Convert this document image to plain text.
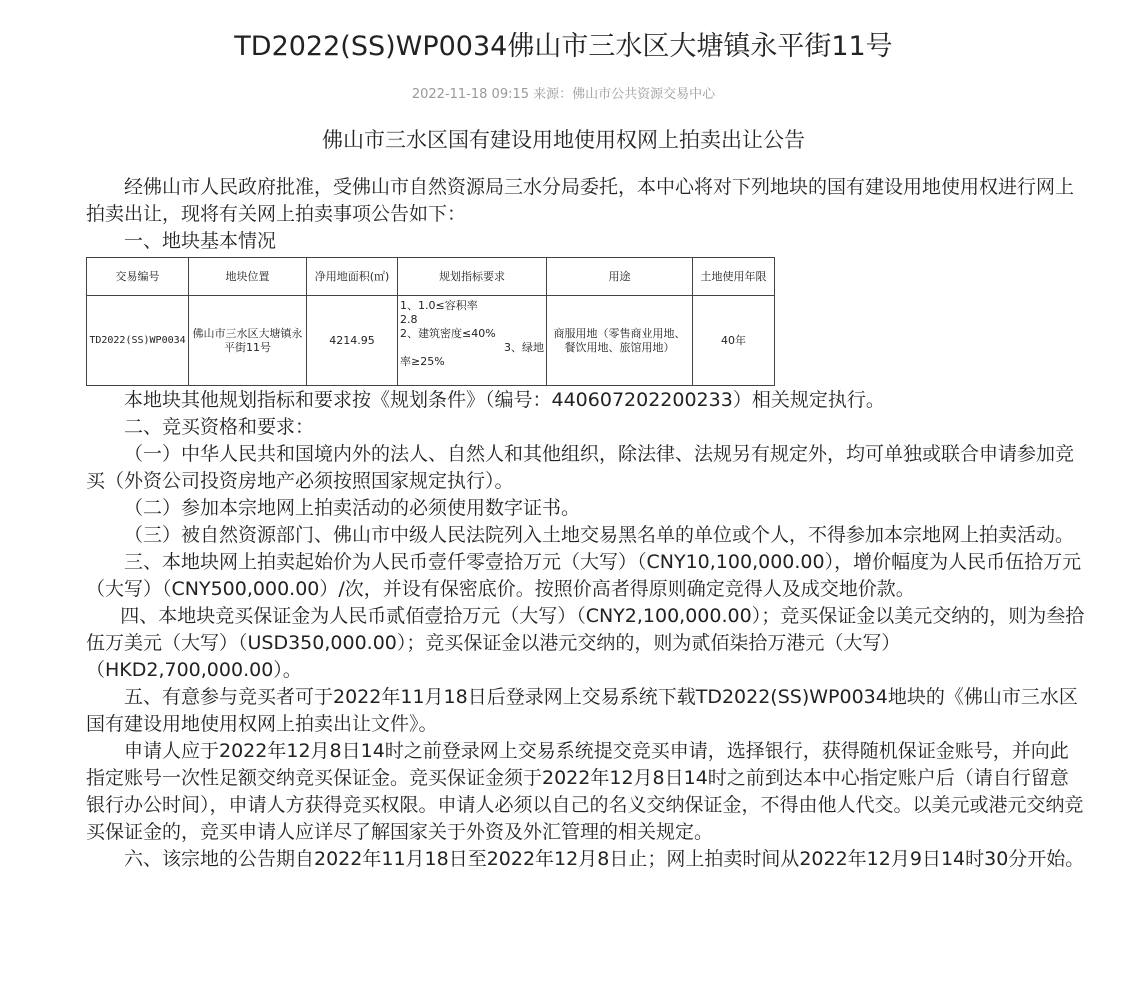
TD2022(SS)WP0034佛山市三水区大塘镇永平街11号
2022-11-18 09:15 来源：佛山市公共资源交易中心
佛山市三水区国有建设用地使用权网上拍卖出让公告

经佛山市人民政府批准，受佛山市自然资源局三水分局委托，本中心将对下列地块的国有建设用地使用权进行网上拍卖出让，现将有关网上拍卖事项公告如下：

一、地块基本情况

交易编号	地块位置	净用地面积(㎡)	规划指标要求	用途	土地使用年限
TD2022(SS)WP0034	佛山市三水区大塘镇永平街11号	4214.95	1、1.0≤容积率
2.8
2、建筑密度≤40%
3、绿地
率≥25%	商服用地（零售商业用地、餐饮用地、旅馆用地）	40年

本地块其他规划指标和要求按《规划条件》（编号：440607202200233）相关规定执行。

二、竞买资格和要求：

（一）中华人民共和国境内外的法人、自然人和其他组织，除法律、法规另有规定外，均可单独或联合申请参加竞买（外资公司投资房地产必须按照国家规定执行）。

（二）参加本宗地网上拍卖活动的必须使用数字证书。

（三）被自然资源部门、佛山市中级人民法院列入土地交易黑名单的单位或个人，不得参加本宗地网上拍卖活动。

三、本地块网上拍卖起始价为人民币壹仟零壹拾万元（大写）（CNY10,100,000.00），增价幅度为人民币伍拾万元（大写）（CNY500,000.00）/次，并设有保密底价。按照价高者得原则确定竞得人及成交地价款。

四、本地块竞买保证金为人民币贰佰壹拾万元（大写）（CNY2,100,000.00）；竞买保证金以美元交纳的，则为叁拾伍万美元（大写）（USD350,000.00）；竞买保证金以港元交纳的，则为贰佰柒拾万港元（大写）（HKD2,700,000.00）。

五、有意参与竞买者可于2022年11月18日后登录网上交易系统下载TD2022(SS)WP0034地块的《佛山市三水区国有建设用地使用权网上拍卖出让文件》。

申请人应于2022年12月8日14时之前登录网上交易系统提交竞买申请，选择银行，获得随机保证金账号，并向此指定账号一次性足额交纳竞买保证金。竞买保证金须于2022年12月8日14时之前到达本中心指定账户后（请自行留意银行办公时间），申请人方获得竞买权限。申请人必须以自己的名义交纳保证金，不得由他人代交。以美元或港元交纳竞买保证金的，竞买申请人应详尽了解国家关于外资及外汇管理的相关规定。

六、该宗地的公告期自2022年11月18日至2022年12月8日止；网上拍卖时间从2022年12月9日14时30分开始。
